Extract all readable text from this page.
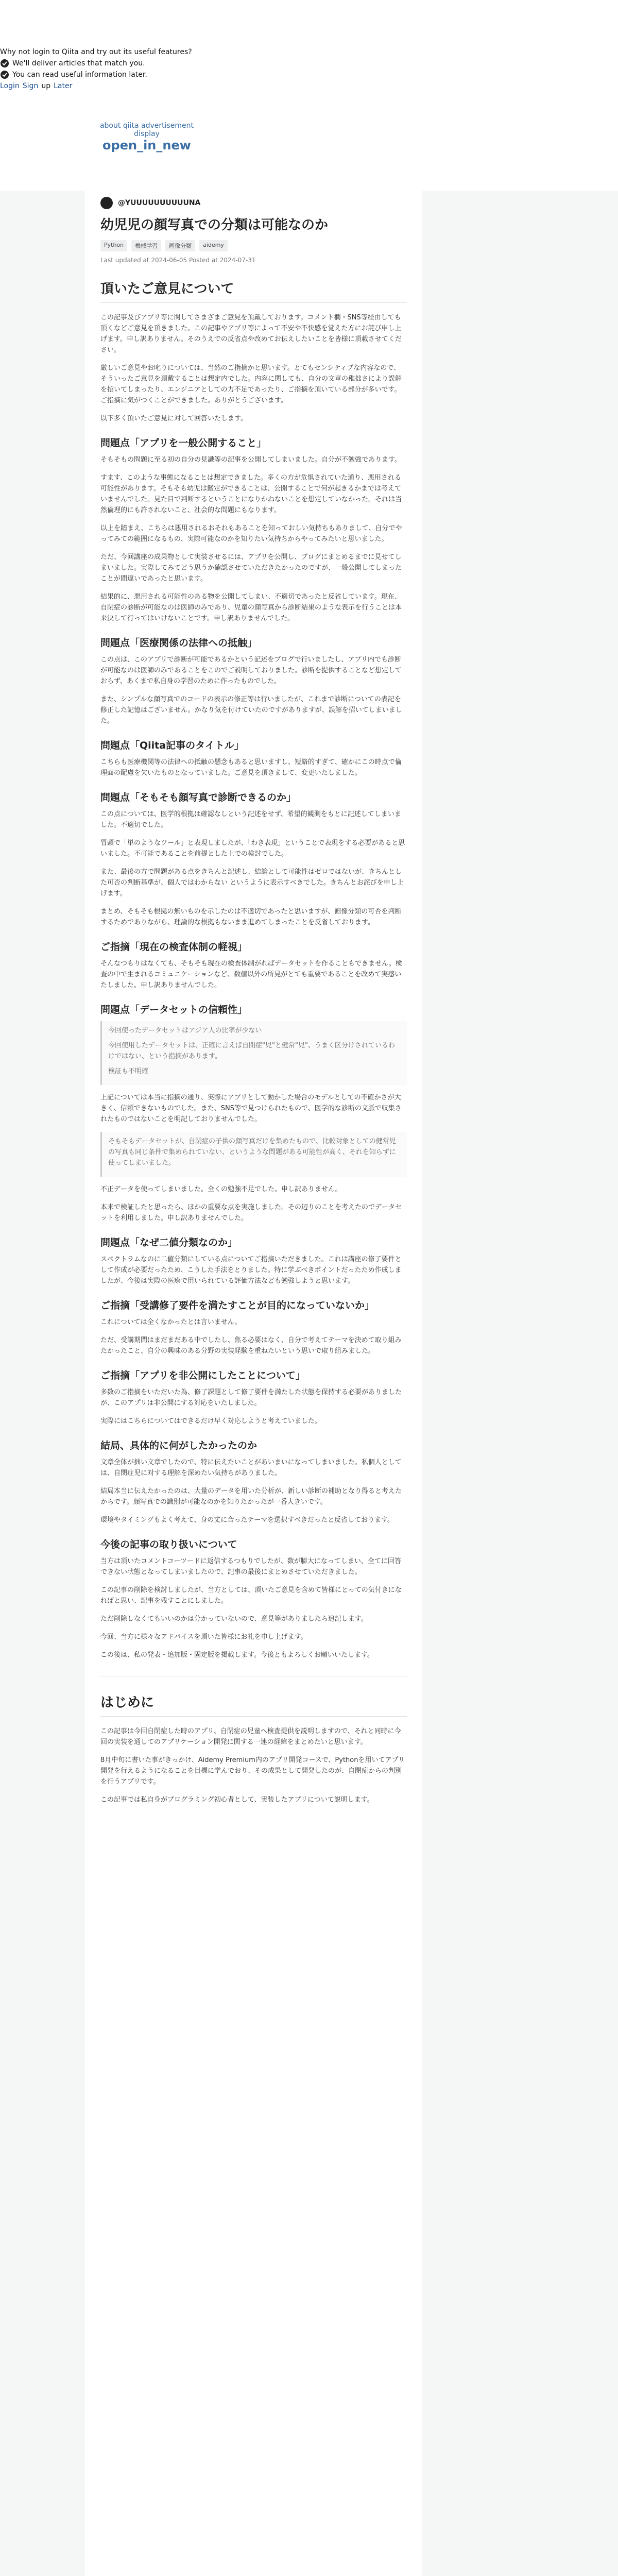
Why not login to Qiita and try out its useful features?
We'll deliver articles that match you.
You can read useful information later.
Login Sign up Later
about qiita advertisement display
open_in_new
@YUUUUUUUUUUNA
幼児児の顔写真での分類は可能なのか
Python	機械学習	画像分類	aidemy
Last updated at 2024-06-05 Posted at 2024-07-31
頂いたご意見について

この記事及びアプリ等に関してさまざまご意見を頂戴しております。コメント欄・SNS等経由しても頂くなどご意見を頂きました。この記事やアプリ等によって不安や不快感を覚えた方にお詫び申し上げます。申し訳ありません。そのうえでの反省点や改めてお伝えしたいことを皆様に頂載させてください。

厳しいご意見やお叱りについては、当然のご指摘かと思います。とてもセンシティブな内容なので、そういったご意見を頂戴することは想定内でした。内容に関しても、自分の文章の稚拙さにより誤解を招いてしまったり、エンジニアとしての力不足であったり、ご指摘を頂いている部分が多いです。ご指摘に気がつくことができました。ありがとうございます。

以下多く頂いたご意見に対して回答いたします。

問題点「アプリを一般公開すること」

そもそもの問題に至る初の自分の見識等の記事を公開してしまいました。自分が不勉強であります。

すます、このような事態になることは想定できました。多くの方が危惧されていた通り、悪用される可能性があります。そもそも幼児は鑑定ができることは、公開することで何が起きるかまでは考えていませんでした。見た目で判断するということになりかねないことを想定していなかった。それは当然倫理的にも許されないこと、社会的な問題にもなります。

以上を踏まえ、こちらは悪用されるおそれもあることを知っておしい気持ちもありまして、自分でやってみての範囲になるもの、実際可能なのかを知りたい気持ちからやってみたいと思いました。

ただ、今回講座の成果物として実装させるには、アプリを公開し、ブログにまとめるまでに見せてしまいました。実際してみてどう思うか確認させていただきたかったのですが、一般公開してしまったことが間違いであったと思います。

結果的に、悪用される可能性のある物を公開してしまい、不適切であったと反省しています。現在、自閉症の診断が可能なのは医師のみであり、児童の顔写真から診断結果のような表示を行うことは本来決して行ってはいけないことです。申し訳ありませんでした。

問題点「医療関係の法律への抵触」

この点は、このアプリで診断が可能であるかという記述をブログで行いましたし、アプリ内でも診断が可能なのは医師のみであることをこのでご説明しておりました。診断を提供することなど想定しておらず、あくまで私自身の学習のために作ったものでした。

また、シンプルな顔写真でのコードの表示の修正等は行いましたが、これまで診断についての表記を修正した記憶はございません。かなり気を付けていたのですがありますが、誤解を招いてしまいました。

問題点「Qiita記事のタイトル」

こちらも医療機関等の法律への抵触の懸念もあると思いますし、短絡的すぎて、確かにこの時点で倫理面の配慮を欠いたものとなっていました。ご意見を頂きまして、変更いたしました。

問題点「そもそも顔写真で診断できるのか」

この点については、医学的根拠は確認なしという記述をせず、希望的観測をもとに記述してしまいました。不適切でした。

冒頭で「単のようなツール」と表現しましたが、「わき表現」ということで表現をする必要があると思いました。不可能であることを前提とした上での検討でした。

また、最後の方で問題がある点をきちんと記述し、結論として可能性はゼロではないが、きちんとした可否の判断基準が、個人ではわからない というように表示すべきでした。きちんとお詫びを申し上げます。

まとめ、そもそも根拠の無いものを示したのは不適切であったと思いますが、画像分類の可否を判断するためでありながら、理論的な根拠もないまま進めてしまったことを反省しております。

ご指摘「現在の検査体制の軽視」

そんなつもりはなくても、そもそも現在の検査体制がればデータセットを作ることもできません。検査の中で生まれるコミュニケーションなど、数値以外の所見がとても重要であることを改めて実感いたしました。申し訳ありませんでした。

問題点「データセットの信頼性」

今回使ったデータセットはアジア人の比率が少ない

今回使用したデータセットは、正確に言えば自閉症"児"と健常"児"、うまく区分けされているわけではない、という指摘があります。

検証も不明確

上記については本当に指摘の通り、実際にアプリとして動かした場合のモデルとしての不確かさが大きく、信頼できないものでした。また、SNS等で見つけられたもので、医学的な診断の文脈で収集されたものではないことを明記しておりませんでした。

そもそもデータセットが、自閉症の子供の顔写真だけを集めたもので、比較対象としての健常児の写真も同じ条件で集められていない、というような問題がある可能性が高く、それを知らずに使ってしまいました。

不正データを使ってしまいました。全くの勉強不足でした。申し訳ありません。

本来で検証したと思ったら、ほかの重要な点を実施しました。その辺りのことを考えたのでデータセットを利用しました。申し訳ありませんでした。

問題点「なぜ二値分類なのか」

スペクトラムなのに二値分類にしている点についてご指摘いただきました。これは講座の修了要件として作成が必要だったため、こうした手法をとりました。特に学ぶべきポイントだったため作成しましたが、今後は実際の医療で用いられている評価方法なども勉強しようと思います。

ご指摘「受講修了要件を満たすことが目的になっていないか」

これについては全くなかったとは言いません。

ただ、受講期間はまだまだある中でしたし、焦る必要はなく、自分で考えてテーマを決めて取り組みたかったこと、自分の興味のある分野の実装経験を重ねたいという思いで取り組みました。

ご指摘「アプリを非公開にしたことについて」

多数のご指摘をいただいた為、修了課題として修了要件を満たした状態を保持する必要がありましたが、このアプリは非公開にする対応をいたしました。

実際にはこちらについてはできるだけ早く対応しようと考えていました。

結局、具体的に何がしたかったのか

文章全体が拙い文章でしたので、特に伝えたいことがあいまいになってしまいました。私個人としては、自閉症児に対する理解を深めたい気持ちがありました。

結局本当に伝えたかったのは、大量のデータを用いた分析が、新しい診断の補助となり得ると考えたからです。顔写真での識別が可能なのかを知りたかったが一番大きいです。

環境やタイミングもよく考えて、身の丈に合ったテーマを選択すべきだったと反省しております。

今後の記事の取り扱いについて

当方は頂いたコメントコーツードに返信するつもりでしたが、数が膨大になってしまい、全てに回答できない状態となってしまいましたので、記事の最後にまとめさせていただきました。

この記事の削除を検討しましたが、当方としては、頂いたご意見を含めて皆様にとっての気付きになればと思い、記事を残すことにしました。

ただ削除しなくてもいいのかは分かっていないので、意見等がありましたら追記します。

今回、当方に様々なアドバイスを頂いた皆様にお礼を申し上げます。

この後は、私の発表・追加版・固定版を掲載します。今後ともよろしくお願いいたします。

はじめに

この記事は今回自閉症した時のアプリ、自閉症の児童へ検査提供を説明しますので、それと同時に今回の実装を通してのアプリケーション開発に関する一連の経緯をまとめたいと思います。

8月中旬に書いた事がきっかけ、Aidemy Premium内のアプリ開発コースで、Pythonを用いてアプリ開発を行えるようになることを目標に学んでおり、その成果として開発したのが、自閉症からの判別を行うアプリです。

この記事では私自身がプログラミング初心者として、実装したアプリについて説明します。
